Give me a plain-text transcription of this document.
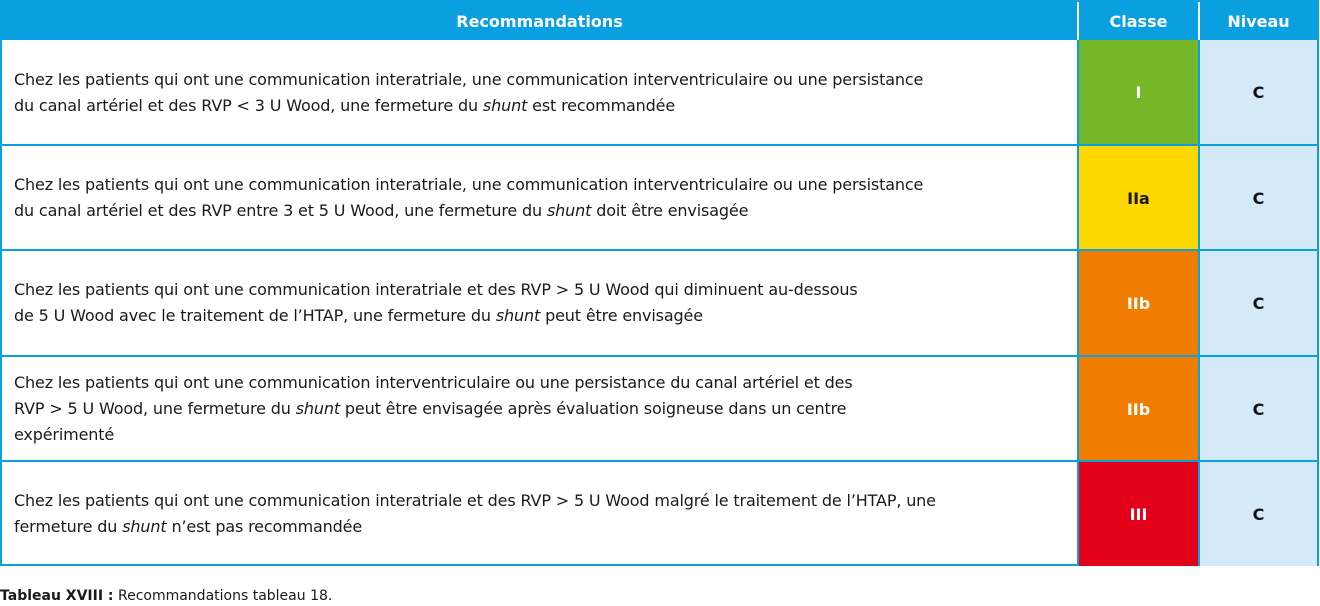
Recommandations	Classe	Niveau
Chez les patients qui ont une communication interatriale, une communication interventriculaire ou une persistance
du canal artériel et des RVP < 3 U Wood, une fermeture du shunt est recommandée
I	C
Chez les patients qui ont une communication interatriale, une communication interventriculaire ou une persistance
du canal artériel et des RVP entre 3 et 5 U Wood, une fermeture du shunt doit être envisagée
IIa	C
Chez les patients qui ont une communication interatriale et des RVP > 5 U Wood qui diminuent au-dessous
de 5 U Wood avec le traitement de l’HTAP, une fermeture du shunt peut être envisagée
IIb	C
Chez les patients qui ont une communication interventriculaire ou une persistance du canal artériel et des
RVP > 5 U Wood, une fermeture du shunt peut être envisagée après évaluation soigneuse dans un centre
expérimenté
IIb	C
Chez les patients qui ont une communication interatriale et des RVP > 5 U Wood malgré le traitement de l’HTAP, une
fermeture du shunt n’est pas recommandée
III	C
Tableau XVIII : Recommandations tableau 18.
